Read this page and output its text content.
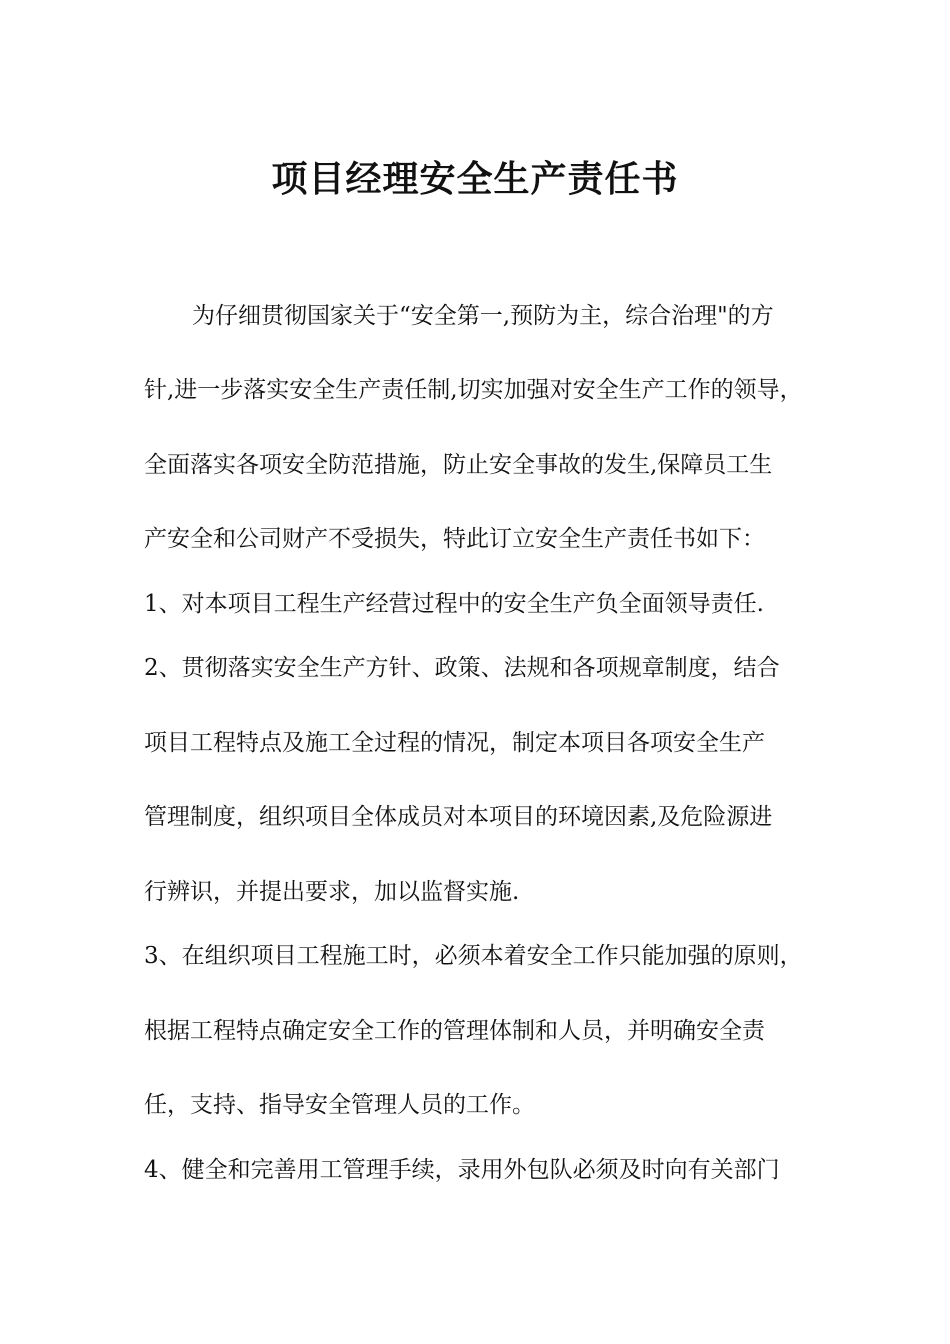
项目经理安全生产责任书

为仔细贯彻国家关于“安全第一,预防为主，综合治理"的方

针,进一步落实安全生产责任制,切实加强对安全生产工作的领导，

全面落实各项安全防范措施，防止安全事故的发生,保障员工生

产安全和公司财产不受损失，特此订立安全生产责任书如下：

1、对本项目工程生产经营过程中的安全生产负全面领导责任.

2、贯彻落实安全生产方针、政策、法规和各项规章制度，结合

项目工程特点及施工全过程的情况，制定本项目各项安全生产

管理制度，组织项目全体成员对本项目的环境因素,及危险源进

行辨识，并提出要求，加以监督实施.

3、在组织项目工程施工时，必须本着安全工作只能加强的原则，

根据工程特点确定安全工作的管理体制和人员，并明确安全责

任，支持、指导安全管理人员的工作。

4、健全和完善用工管理手续，录用外包队必须及时向有关部门
